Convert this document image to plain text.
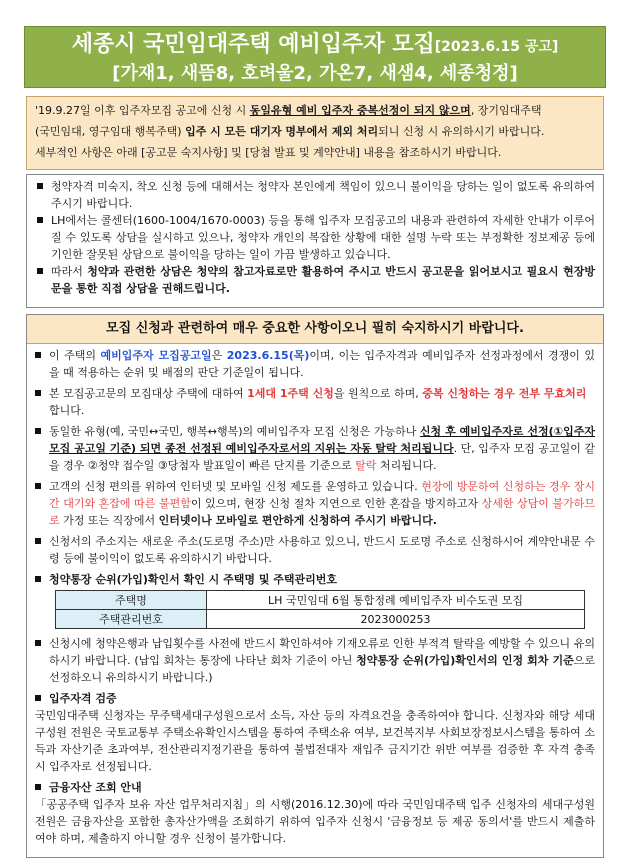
세종시 국민임대주택 예비입주자 모집[2023.6.15 공고]
[가재1, 새뜸8, 호려울2, 가온7, 새샘4, 세종청정]
'19.9.27일 이후 입주자모집 공고에 신청 시 동일유형 예비 입주자 중복선정이 되지 않으며, 장기임대주택
(국민임대, 영구임대 행복주택) 입주 시 모든 대기자 명부에서 제외 처리되니 신청 시 유의하시기 바랍니다.
세부적인 사항은 아래 [공고문 숙지사항] 및 [당첨 발표 및 계약안내] 내용을 참조하시기 바랍니다.
청약자격 미숙지, 착오 신청 등에 대해서는 청약자 본인에게 책임이 있으니 불이익을 당하는 일이 없도록 유의하여 주시기 바랍니다.
LH에서는 콜센터(1600-1004/1670-0003) 등을 통해 입주자 모집공고의 내용과 관련하여 자세한 안내가 이루어질 수 있도록 상담을 실시하고 있으나, 청약자 개인의 복잡한 상황에 대한 설명 누락 또는 부정확한 정보제공 등에 기인한 잘못된 상담으로 불이익을 당하는 일이 가끔 발생하고 있습니다.
따라서 청약과 관련한 상담은 청약의 참고자료로만 활용하여 주시고 반드시 공고문을 읽어보시고 필요시 현장방문을 통한 직접 상담을 권해드립니다.
모집 신청과 관련하여 매우 중요한 사항이오니 필히 숙지하시기 바랍니다.
이 주택의 예비입주자 모집공고일은 2023.6.15(목)이며, 이는 입주자격과 예비입주자 선정과정에서 경쟁이 있을 때 적용하는 순위 및 배점의 판단 기준일이 됩니다.
본 모집공고문의 모집대상 주택에 대하여 1세대 1주택 신청을 원칙으로 하며, 중복 신청하는 경우 전부 무효처리 합니다.
동일한 유형(예, 국민↔국민, 행복↔행복)의 예비입주자 모집 신청은 가능하나 신청 후 예비입주자로 선정(①입주자모집 공고일 기준) 되면 종전 선정된 예비입주자로서의 지위는 자동 탈락 처리됩니다. 단, 입주자 모집 공고일이 같을 경우 ②청약 접수일 ③당첨자 발표일이 빠른 단지를 기준으로 탈락 처리됩니다.
고객의 신청 편의를 위하여 인터넷 및 모바일 신청 제도를 운영하고 있습니다. 현장에 방문하여 신청하는 경우 장시간 대기와 혼잡에 따른 불편함이 있으며, 현장 신청 절차 지연으로 인한 혼잡을 방지하고자 상세한 상담이 불가하므로 가정 또는 직장에서 인터넷이나 모바일로 편안하게 신청하여 주시기 바랍니다.
신청서의 주소지는 새로운 주소(도로명 주소)만 사용하고 있으니, 반드시 도로명 주소로 신청하시어 계약안내문 수령 등에 불이익이 없도록 유의하시기 바랍니다.
청약통장 순위(가입)확인서 확인 시 주택명 및 주택관리번호
주택명	LH 국민임대 6월 통합정례 예비입주자 비수도권 모집
주택관리번호	2023000253
신청시에 청약은행과 납입횟수를 사전에 반드시 확인하셔야 기재오류로 인한 부적격 탈락을 예방할 수 있으니 유의하시기 바랍니다. (납입 회차는 통장에 나타난 회차 기준이 아닌 청약통장 순위(가입)확인서의 인정 회차 기준으로 선정하오니 유의하시기 바랍니다.)
입주자격 검증
국민임대주택 신청자는 무주택세대구성원으로서 소득, 자산 등의 자격요건을 충족하여야 합니다. 신청자와 해당 세대구성원 전원은 국토교통부 주택소유확인시스템을 통하여 주택소유 여부, 보건복지부 사회보장정보시스템을 통하여 소득과 자산기준 초과여부, 전산관리지정기관을 통하여 불법전대자 재입주 금지기간 위반 여부를 검증한 후 자격 충족 시 입주자로 선정됩니다.
금융자산 조회 안내
「공공주택 입주자 보유 자산 업무처리지침」의 시행(2016.12.30)에 따라 국민임대주택 입주 신청자의 세대구성원 전원은 금융자산을 포함한 총자산가액을 조회하기 위하여 입주자 신청시 '금융정보 등 제공 동의서'를 반드시 제출하여야 하며, 제출하지 아니할 경우 신청이 불가합니다.
